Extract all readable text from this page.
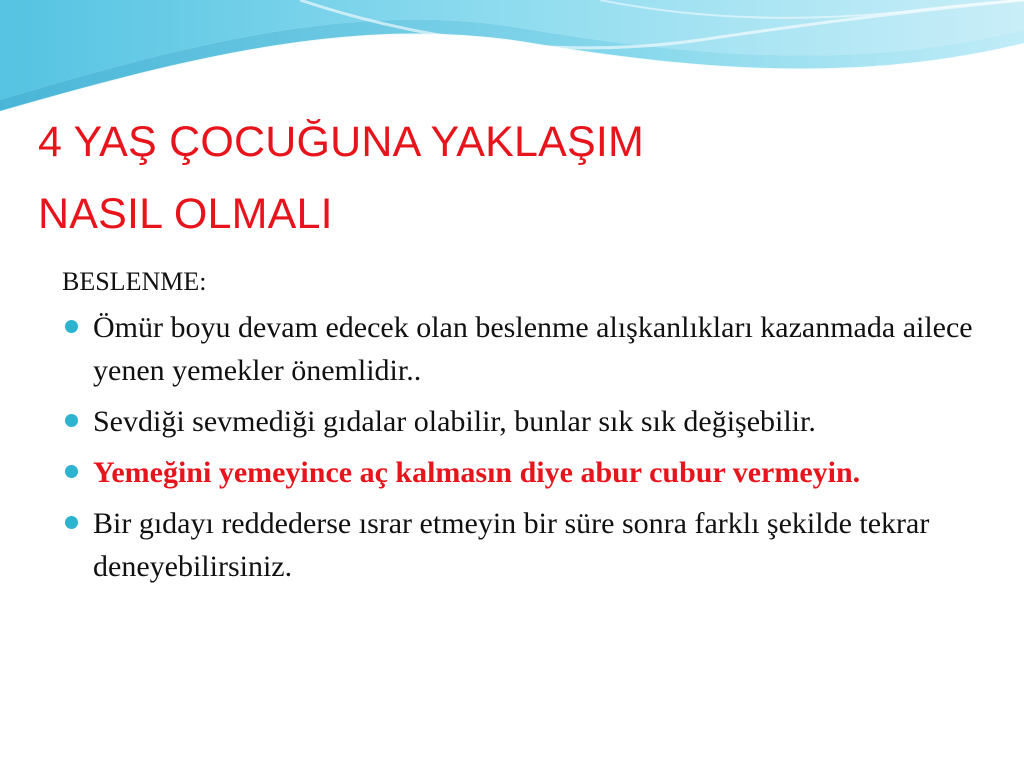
4 YAŞ ÇOCUĞUNA YAKLAŞIM
NASIL OLMALI
BESLENME:
Ömür boyu devam edecek olan beslenme alışkanlıkları kazanmada ailece yenen yemekler önemlidir..
Sevdiği sevmediği gıdalar olabilir, bunlar sık sık değişebilir.
Yemeğini yemeyince aç kalmasın diye abur cubur vermeyin.
Bir gıdayı reddederse ısrar etmeyin bir süre sonra farklı şekilde tekrar deneyebilirsiniz.
